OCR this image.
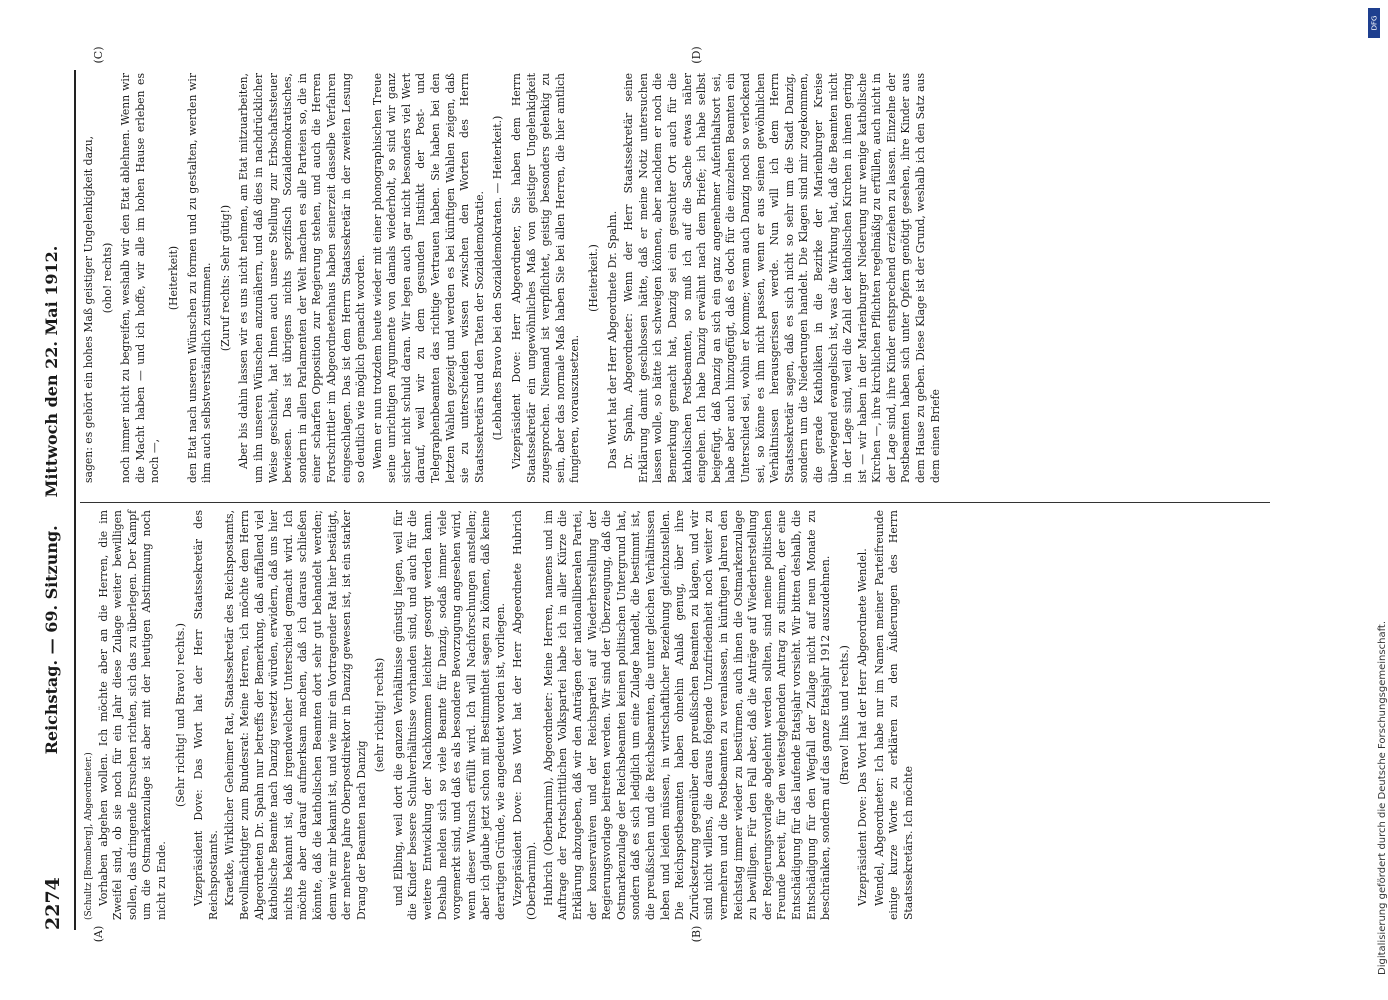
2274
Reichstag. — 69. Sitzung.     Mittwoch den 22. Mai 1912.
(A)	(B)
(C)	(D)
(Schultz [Bromberg], Abgeordneter.) Vorhaben abgehen wollen. Ich möchte aber an die Herren, die im Zweifel sind, ob sie noch für ein Jahr diese Zulage weiter bewilligen sollen, das dringende Ersuchen richten, sich das zu überlegen. Der Kampf um die Ostmarkenzulage ist aber mit der heutigen Abstimmung noch nicht zu Ende.

(Sehr richtig! und Bravo! rechts.) Vizepräsident Dove: Das Wort hat der Herr Staatssekretär des Reichspostamts. Kraetke, Wirklicher Geheimer Rat, Staatssekretär des Reichspostamts, Bevollmächtigter zum Bundesrat: Meine Herren, ich möchte dem Herrn Abgeordneten Dr. Spahn nur betreffs der Bemerkung, daß auffallend viel katholische Beamte nach Danzig versetzt würden, erwidern, daß uns hier nichts bekannt ist, daß irgendwelcher Unterschied gemacht wird. Ich möchte aber darauf aufmerksam machen, daß ich daraus schließen könnte, daß die katholischen Beamten dort sehr gut behandelt werden; denn wie mir bekannt ist, und wie mir ein Vortragender Rat hier bestätigt, der mehrere Jahre Oberpostdirektor in Danzig gewesen ist, ist ein starker Drang der Beamten nach Danzig

(sehr richtig! rechts) und Elbing, weil dort die ganzen Verhältnisse günstig liegen, weil für die Kinder bessere Schulverhältnisse vorhanden sind, und auch für die weitere Entwicklung der Nachkommen leichter gesorgt werden kann. Deshalb melden sich so viele Beamte für Danzig, sodaß immer viele vorgemerkt sind, und daß es als besondere Bevorzugung angesehen wird, wenn dieser Wunsch erfüllt wird. Ich will Nachforschungen anstellen; aber ich glaube jetzt schon mit Bestimmtheit sagen zu können, daß keine derartigen Gründe, wie angedeutet worden ist, vorliegen. Vizepräsident Dove: Das Wort hat der Herr Abgeordnete Hubrich (Oberbarnim). Hubrich (Oberbarnim), Abgeordneter: Meine Herren, namens und im Auftrage der Fortschrittlichen Volkspartei habe ich in aller Kürze die Erklärung abzugeben, daß wir den Anträgen der nationalliberalen Partei, der konservativen und der Reichspartei auf Wiederherstellung der Regierungsvorlage beitreten werden. Wir sind der Überzeugung, daß die Ostmarkenzulage der Reichsbeamten keinen politischen Untergrund hat, sondern daß es sich lediglich um eine Zulage handelt, die bestimmt ist, die preußischen und die Reichsbeamten, die unter gleichen Verhältnissen leben und leiden müssen, in wirtschaftlicher Beziehung gleichzustellen. Die Reichspostbeamten haben ohnehin Anlaß genug, über ihre Zurücksetzung gegenüber den preußischen Beamten zu klagen, und wir sind nicht willens, die daraus folgende Unzufriedenheit noch weiter zu vermehren und die Postbeamten zu veranlassen, in künftigen Jahren den Reichstag immer wieder zu bestürmen, auch ihnen die Ostmarkenzulage zu bewilligen. Für den Fall aber, daß die Anträge auf Wiederherstellung der Regierungsvorlage abgelehnt werden sollten, sind meine politischen Freunde bereit, für den weitestgehenden Antrag zu stimmen, der eine Entschädigung für das laufende Etatsjahr vorsieht. Wir bitten deshalb, die Entschädigung für den Wegfall der Zulage nicht auf neun Monate zu beschränken, sondern auf das ganze Etatsjahr 1912 auszudehnen. (Bravo! links und rechts.) Vizepräsident Dove: Das Wort hat der Herr Abgeordnete Wendel. Wendel, Abgeordneter: Ich habe nur im Namen meiner Parteifreunde einige kurze Worte zu erklären zu den Äußerungen des Herrn Staatssekretärs. Ich möchte

sagen: es gehört ein hohes Maß geistiger Ungelenkigkeit dazu, (oho! rechts) noch immer nicht zu begreifen, weshalb wir den Etat ablehnen. Wenn wir die Macht haben — und ich hoffe, wir alle im hohen Hause erleben es noch —,

(Heiterkeit) den Etat nach unseren Wünschen zu formen und zu gestalten, werden wir ihm auch selbstverständlich zustimmen. (Zuruf rechts: Sehr gütig!) Aber bis dahin lassen wir es uns nicht nehmen, am Etat mitzuarbeiten, um ihn unseren Wünschen anzunähern, und daß dies in nachdrücklicher Weise geschieht, hat Ihnen auch unsere Stellung zur Erbschaftssteuer bewiesen. Das ist übrigens nichts spezifisch Sozialdemokratisches, sondern in allen Parlamenten der Welt machen es alle Parteien so, die in einer scharfen Opposition zur Regierung stehen, und auch die Herren Fortschrittler im Abgeordnetenhaus haben seinerzeit dasselbe Verfahren eingeschlagen. Das ist dem Herrn Staatssekretär in der zweiten Lesung so deutlich wie möglich gemacht worden. Wenn er nun trotzdem heute wieder mit einer phonographischen Treue seine unrichtigen Argumente von damals wiederholt, so sind wir ganz sicher nicht schuld daran. Wir legen auch gar nicht besonders viel Wert darauf, weil wir zu dem gesunden Instinkt der Post- und Telegraphenbeamten das richtige Vertrauen haben. Sie haben bei den letzten Wahlen gezeigt und werden es bei künftigen Wahlen zeigen, daß sie zu unterscheiden wissen zwischen den Worten des Herrn Staatssekretärs und den Taten der Sozialdemokratie. (Lebhaftes Bravo bei den Sozialdemokraten. — Heiterkeit.) Vizepräsident Dove: Herr Abgeordneter, Sie haben dem Herrn Staatssekretär ein ungewöhnliches Maß von geistiger Ungelenkigkeit zugesprochen. Niemand ist verpflichtet, geistig besonders gelenkig zu sein, aber das normale Maß haben Sie bei allen Herren, die hier amtlich fungieren, vorauszusetzen.

(Heiterkeit.) Das Wort hat der Herr Abgeordnete Dr. Spahn. Dr. Spahn, Abgeordneter: Wenn der Herr Staatssekretär seine Erklärung damit geschlossen hätte, daß er meine Notiz untersuchen lassen wolle, so hätte ich schweigen können, aber nachdem er noch die Bemerkung gemacht hat, Danzig sei ein gesuchter Ort auch für die katholischen Postbeamten, so muß ich auf die Sache etwas näher eingehen. Ich habe Danzig erwähnt nach dem Briefe; ich habe selbst beigefügt, daß Danzig an sich ein ganz angenehmer Aufenthaltsort sei, habe aber auch hinzugefügt, daß es doch für die einzelnen Beamten ein Unterschied sei, wohin er komme; wenn auch Danzig noch so verlockend sei, so könne es ihm nicht passen, wenn er aus seinen gewöhnlichen Verhältnissen herausgerissen werde. Nun will ich dem Herrn Staatssekretär sagen, daß es sich nicht so sehr um die Stadt Danzig, sondern um die Niederungen handelt. Die Klagen sind mir zugekommen, die gerade Katholiken in die Bezirke der Marienburger Kreise überwiegend evangelisch ist, was die Wirkung hat, daß die Beamten nicht in der Lage sind, weil die Zahl der katholischen Kirchen in ihnen gering ist — wir haben in der Marienburger Niederung nur wenige katholische Kirchen —, ihre kirchlichen Pflichten regelmäßig zu erfüllen, auch nicht in der Lage sind, ihre Kinder entsprechend erziehen zu lassen. Einzelne der Postbeamten haben sich unter Opfern genötigt gesehen, ihre Kinder aus dem Hause zu geben. Diese Klage ist der Grund, weshalb ich den Satz aus dem einen Briefe

DFG
Digitalisierung gefördert durch die Deutsche Forschungsgemeinschaft.
